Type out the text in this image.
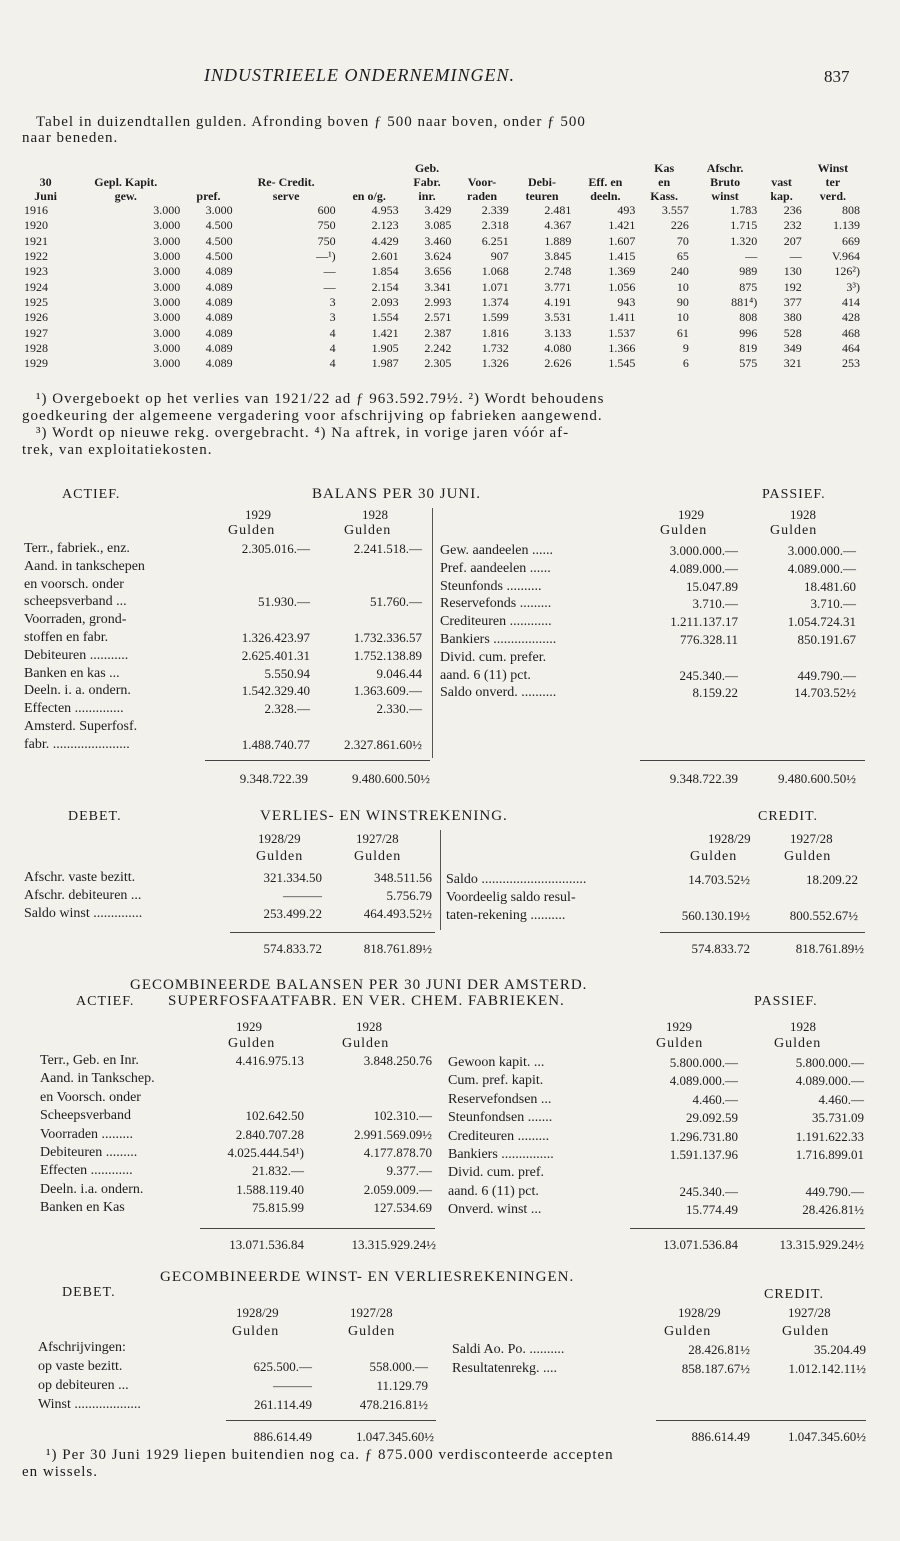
INDUSTRIEELE ONDERNEMINGEN.	837
Tabel in duizendtallen gulden. Afronding boven ƒ 500 naar boven, onder ƒ 500
naar beneden.
					Geb.				Kas	Afschr.		Winst
30	Gepl. Kapit.		Re- Credit.		Fabr.	Voor-	Debi-	Eff. en	en	Bruto	vast	ter
Juni	gew.	pref.	serve	en o/g.	inr.	raden	teuren	deeln.	Kass.	winst	kap.	verd.
1916	3.000	3.000	600	4.953	3.429	2.339	2.481	493	3.557	1.783	236	808
1920	3.000	4.500	750	2.123	3.085	2.318	4.367	1.421	226	1.715	232	1.139
1921	3.000	4.500	750	4.429	3.460	6.251	1.889	1.607	70	1.320	207	669
1922	3.000	4.500	—¹)	2.601	3.624	907	3.845	1.415	65	—	—	V.964
1923	3.000	4.089	—	1.854	3.656	1.068	2.748	1.369	240	989	130	126²)
1924	3.000	4.089	—	2.154	3.341	1.071	3.771	1.056	10	875	192	3³)
1925	3.000	4.089	3	2.093	2.993	1.374	4.191	943	90	881⁴)	377	414
1926	3.000	4.089	3	1.554	2.571	1.599	3.531	1.411	10	808	380	428
1927	3.000	4.089	4	1.421	2.387	1.816	3.133	1.537	61	996	528	468
1928	3.000	4.089	4	1.905	2.242	1.732	4.080	1.366	9	819	349	464
1929	3.000	4.089	4	1.987	2.305	1.326	2.626	1.545	6	575	321	253
¹) Overgeboekt op het verlies van 1921/22 ad ƒ 963.592.79½. ²) Wordt behoudens
goedkeuring der algemeene vergadering voor afschrijving op fabrieken aangewend.
³) Wordt op nieuwe rekg. overgebracht. ⁴) Na aftrek, in vorige jaren vóór af-
trek, van exploitatiekosten.
ACTIEF.	BALANS PER 30 JUNI.	PASSIEF.
1929	1928
Gulden	Gulden
1929	1928
Gulden	Gulden
Terr., fabriek., enz.	2.305.016.—	2.241.518.—
Aand. in tankschepen
en voorsch. onder
scheepsverband ...	51.930.—	51.760.—
Voorraden, grond-
stoffen en fabr.	1.326.423.97	1.732.336.57
Debiteuren ...........	2.625.401.31	1.752.138.89
Banken en kas ...	5.550.94	9.046.44
Deeln. i. a. ondern.	1.542.329.40	1.363.609.—
Effecten ..............	2.328.—	2.330.—
Amsterd. Superfosf.
fabr. ......................	1.488.740.77	2.327.861.60½
Gew. aandeelen ......	3.000.000.—	3.000.000.—
Pref. aandeelen ......	4.089.000.—	4.089.000.—
Steunfonds ..........	15.047.89	18.481.60
Reservefonds .........	3.710.—	3.710.—
Crediteuren ............	1.211.137.17	1.054.724.31
Bankiers ..................	776.328.11	850.191.67
Divid. cum. prefer.
aand. 6 (11) pct.	245.340.—	449.790.—
Saldo onverd. ..........	8.159.22	14.703.52½
9.348.722.39	9.480.600.50½	9.348.722.39	9.480.600.50½
DEBET.	VERLIES- EN WINSTREKENING.	CREDIT.
1928/29	1927/28
Gulden	Gulden
1928/29	1927/28
Gulden	Gulden
Afschr. vaste bezitt.	321.334.50	348.511.56
Afschr. debiteuren ...	———	5.756.79
Saldo winst ..............	253.499.22	464.493.52½
Saldo ..............................	14.703.52½	18.209.22
Voordeelig saldo resul-
taten-rekening ..........	560.130.19½	800.552.67½
574.833.72	818.761.89½	574.833.72	818.761.89½
GECOMBINEERDE BALANSEN PER 30 JUNI DER AMSTERD.
ACTIEF. SUPERFOSFAATFABR. EN VER. CHEM. FABRIEKEN.	PASSIEF.
1929	1928
Gulden	Gulden
1929	1928
Gulden	Gulden
Terr., Geb. en Inr.	4.416.975.13	3.848.250.76
Aand. in Tankschep.
en Voorsch. onder
Scheepsverband	102.642.50	102.310.—
Voorraden .........	2.840.707.28	2.991.569.09½
Debiteuren .........	4.025.444.54¹)	4.177.878.70
Effecten ............	21.832.—	9.377.—
Deeln. i.a. ondern.	1.588.119.40	2.059.009.—
Banken en Kas	75.815.99	127.534.69
Gewoon kapit. ...	5.800.000.—	5.800.000.—
Cum. pref. kapit.	4.089.000.—	4.089.000.—
Reservefondsen ...	4.460.—	4.460.—
Steunfondsen .......	29.092.59	35.731.09
Crediteuren .........	1.296.731.80	1.191.622.33
Bankiers ...............	1.591.137.96	1.716.899.01
Divid. cum. pref.
aand. 6 (11) pct.	245.340.—	449.790.—
Onverd. winst ...	15.774.49	28.426.81½
13.071.536.84	13.315.929.24½	13.071.536.84	13.315.929.24½
GECOMBINEERDE WINST- EN VERLIESREKENINGEN.
DEBET.	CREDIT.
1928/29	1927/28
Gulden	Gulden
1928/29	1927/28
Gulden	Gulden
Afschrijvingen:
op vaste bezitt.	625.500.—	558.000.—
op debiteuren ...	———	11.129.79
Winst ...................	261.114.49	478.216.81½
Saldi Ao. Po. ..........	28.426.81½	35.204.49
Resultatenrekg. ....	858.187.67½	1.012.142.11½
886.614.49	1.047.345.60½	886.614.49	1.047.345.60½
¹) Per 30 Juni 1929 liepen buitendien nog ca. ƒ 875.000 verdisconteerde accepten
en wissels.
